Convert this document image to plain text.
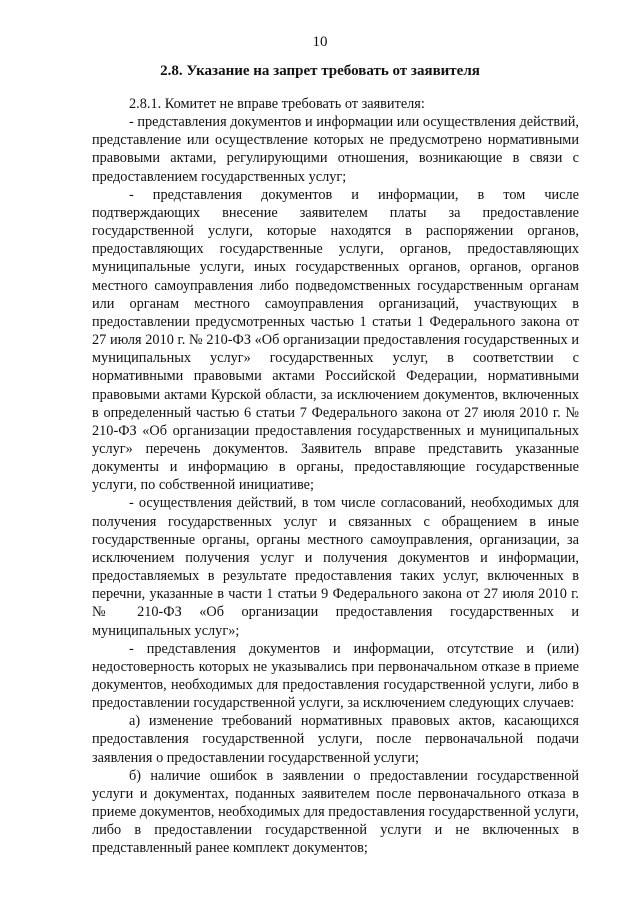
10
2.8. Указание на запрет требовать от заявителя

2.8.1. Комитет не вправе требовать от заявителя:

- представления документов и информации или осуществления действий, представление или осуществление которых не предусмотрено нормативными правовыми актами, регулирующими отношения, возникающие в связи с предоставлением государственных услуг;

- представления документов и информации, в том числе подтверждающих внесение заявителем платы за предоставление государственной услуги, которые находятся в распоряжении органов, предоставляющих государственные услуги, органов, предоставляющих муниципальные услуги, иных государственных органов, органов, органов местного самоуправления либо подведомственных государственным органам или органам местного самоуправления организаций, участвующих в предоставлении предусмотренных частью 1 статьи 1 Федерального закона от 27 июля 2010 г. № 210-ФЗ «Об организации предоставления государственных и муниципальных услуг» государственных услуг, в соответствии с нормативными правовыми актами Российской Федерации, нормативными правовыми актами Курской области, за исключением документов, включенных в определенный частью 6 статьи 7 Федерального закона от 27 июля 2010 г. № 210-ФЗ «Об организации предоставления государственных и муниципальных услуг» перечень документов. Заявитель вправе представить указанные документы и информацию в органы, предоставляющие государственные услуги, по собственной инициативе;

- осуществления действий, в том числе согласований, необходимых для получения государственных услуг и связанных с обращением в иные государственные органы, органы местного самоуправления, организации, за исключением получения услуг и получения документов и информации, предоставляемых в результате предоставления таких услуг, включенных в перечни, указанные в части 1 статьи 9 Федерального закона от 27 июля 2010 г. № 210-ФЗ «Об организации предоставления государственных и муниципальных услуг»;

- представления документов и информации, отсутствие и (или) недостоверность которых не указывались при первоначальном отказе в приеме документов, необходимых для предоставления государственной услуги, либо в предоставлении государственной услуги, за исключением следующих случаев:

а) изменение требований нормативных правовых актов, касающихся предоставления государственной услуги, после первоначальной подачи заявления о предоставлении государственной услуги;

б) наличие ошибок в заявлении о предоставлении государственной услуги и документах, поданных заявителем после первоначального отказа в приеме документов, необходимых для предоставления государственной услуги, либо в предоставлении государственной услуги и не включенных в представленный ранее комплект документов;
